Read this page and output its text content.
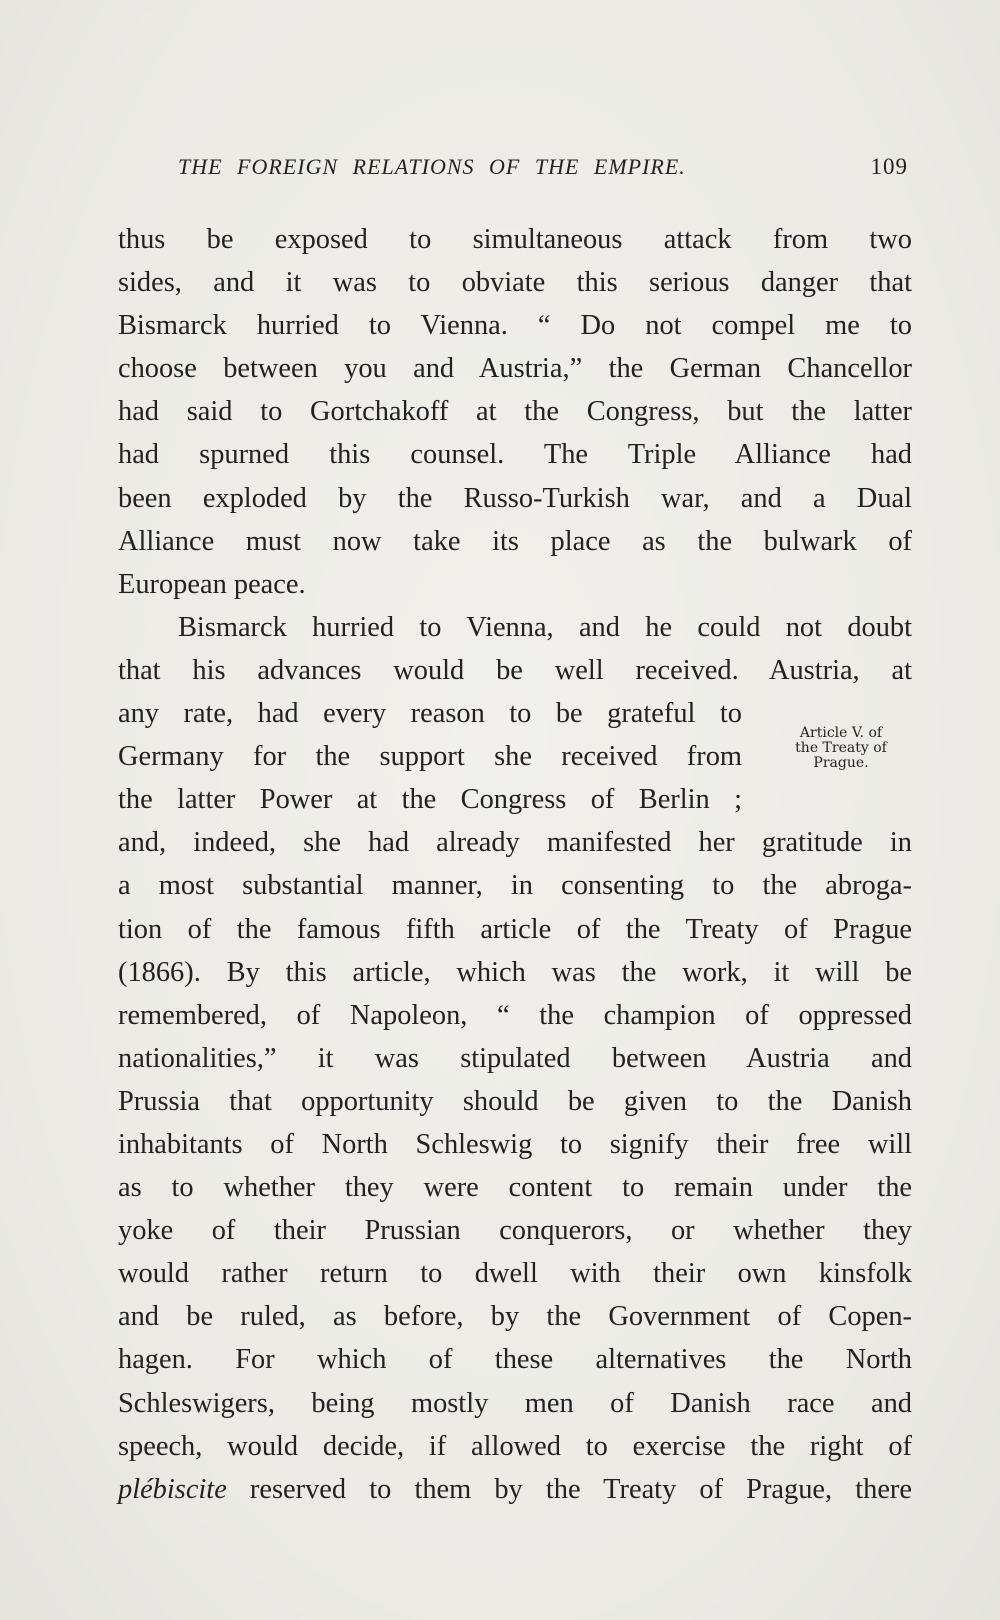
THE FOREIGN RELATIONS OF THE EMPIRE.	109
thus be exposed to simultaneous attack from two
sides, and it was to obviate this serious danger that
Bismarck hurried to Vienna. “ Do not compel me to
choose between you and Austria,” the German Chancellor
had said to Gortchakoff at the Congress, but the latter
had spurned this counsel. The Triple Alliance had
been exploded by the Russo-Turkish war, and a Dual
Alliance must now take its place as the bulwark of
European peace.
Bismarck hurried to Vienna, and he could not doubt
that his advances would be well received. Austria, at
any rate, had every reason to be grateful to
Germany for the support she received from
the latter Power at the Congress of Berlin ;
and, indeed, she had already manifested her gratitude in
a most substantial manner, in consenting to the abroga-
tion of the famous fifth article of the Treaty of Prague
(1866). By this article, which was the work, it will be
remembered, of Napoleon, “ the champion of oppressed
nationalities,” it was stipulated between Austria and
Prussia that opportunity should be given to the Danish
inhabitants of North Schleswig to signify their free will
as to whether they were content to remain under the
yoke of their Prussian conquerors, or whether they
would rather return to dwell with their own kinsfolk
and be ruled, as before, by the Government of Copen-
hagen. For which of these alternatives the North
Schleswigers, being mostly men of Danish race and
speech, would decide, if allowed to exercise the right of
plébiscite reserved to them by the Treaty of Prague, there
Article V. of
the Treaty of
Prague.
